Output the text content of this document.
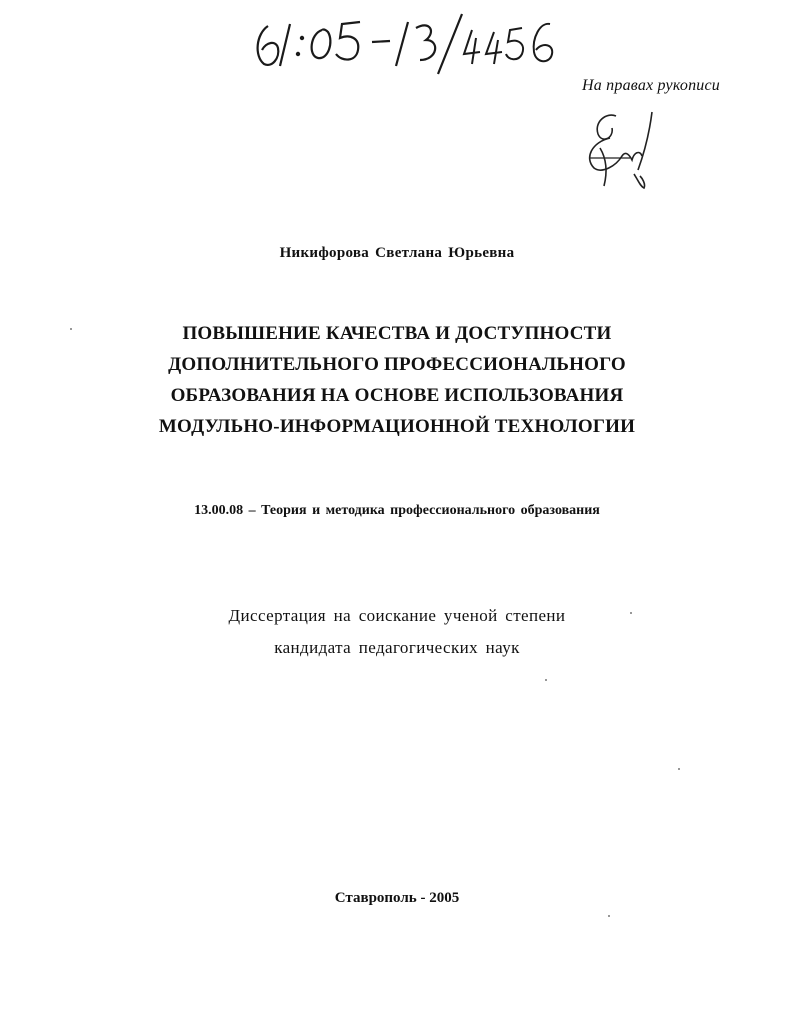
На правах рукописи
Никифорова Светлана Юрьевна
ПОВЫШЕНИЕ КАЧЕСТВА И ДОСТУПНОСТИ
ДОПОЛНИТЕЛЬНОГО ПРОФЕССИОНАЛЬНОГО
ОБРАЗОВАНИЯ НА ОСНОВЕ ИСПОЛЬЗОВАНИЯ
МОДУЛЬНО-ИНФОРМАЦИОННОЙ ТЕХНОЛОГИИ
13.00.08 – Теория и методика профессионального образования
Диссертация на соискание ученой степени
кандидата педагогических наук
Ставрополь - 2005
